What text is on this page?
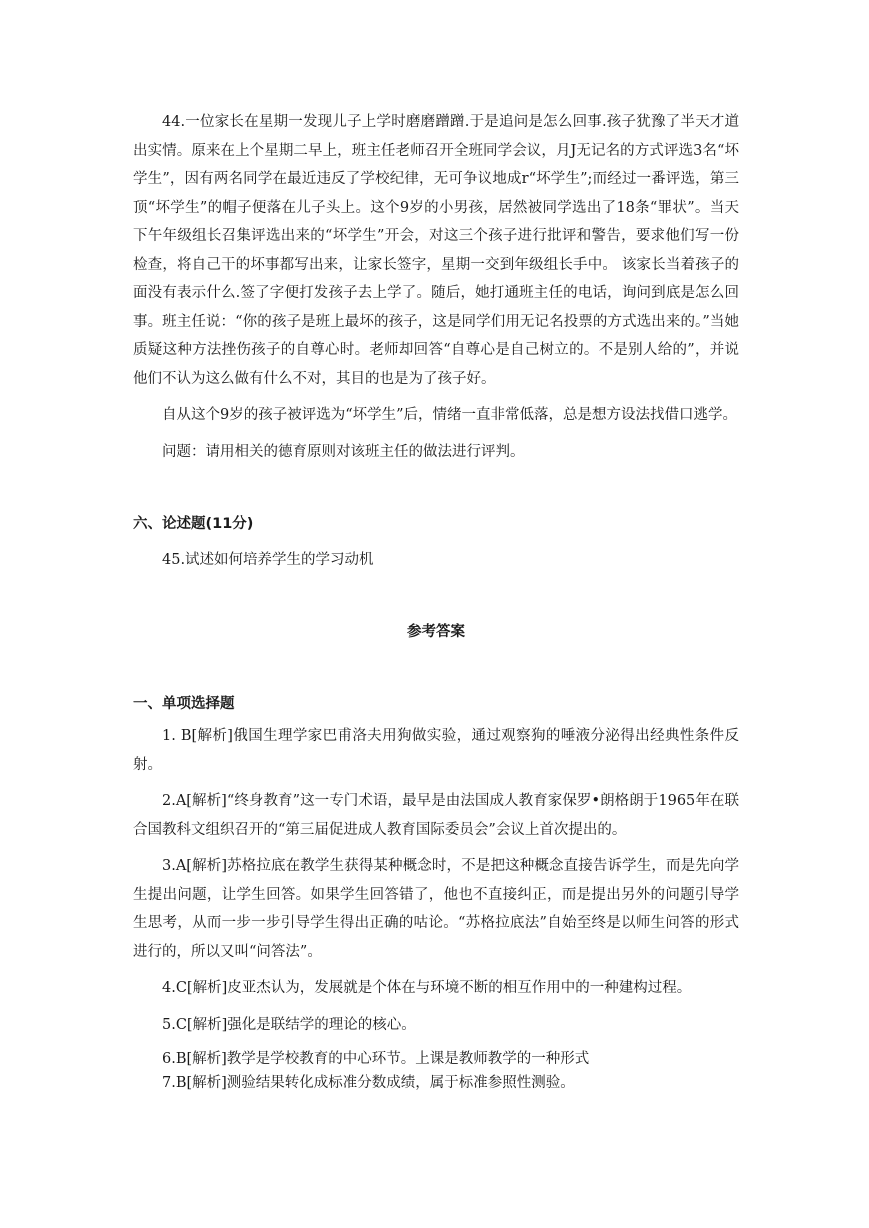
44.一位家长在星期一发现儿子上学时磨磨蹭蹭.于是追问是怎么回事.孩子犹豫了半天才道出实情。原来在上个星期二早上，班主任老师召开全班同学会议，月J无记名的方式评选3名“坏学生”，因有两名同学在最近违反了学校纪律，无可争议地成r“坏学生”;而经过一番评选，第三顶“坏学生”的帽子便落在儿子头上。这个9岁的小男孩，居然被同学选出了18条“罪状”。当天下午年级组长召集评选出来的“坏学生”开会，对这三个孩子进行批评和警告，要求他们写一份检查，将自己干的坏事都写出来，让家长签字，星期一交到年级组长手中。 该家长当着孩子的面没有表示什么.签了字便打发孩子去上学了。随后，她打通班主任的电话，询问到底是怎么回事。班主任说：“你的孩子是班上最坏的孩子，这是同学们用无记名投票的方式选出来的。”当她质疑这种方法挫伤孩子的自尊心时。老师却回答“自尊心是自己树立的。不是别人给的”，并说他们不认为这么做有什么不对，其目的也是为了孩子好。

自从这个9岁的孩子被评选为“坏学生”后，情绪一直非常低落，总是想方设法找借口逃学。

问题：请用相关的德育原则对该班主任的做法进行评判。

六、论述题(11分)

45.试述如何培养学生的学习动机

参考答案

一、单项选择题

1. B[解析]俄国生理学家巴甫洛夫用狗做实验，通过观察狗的唾液分泌得出经典性条件反射。

2.A[解析]“终身教育”这一专门术语，最早是由法国成人教育家保罗•朗格朗于1965年在联合国教科文组织召开的“第三届促进成人教育国际委员会”会议上首次提出的。

3.A[解析]苏格拉底在教学生获得某种概念时，不是把这种概念直接告诉学生，而是先向学生提出问题，让学生回答。如果学生回答错了，他也不直接纠正，而是提出另外的问题引导学生思考，从而一步一步引导学生得出正确的咕论。“苏格拉底法”自始至终是以师生问答的形式进行的，所以又叫“问答法”。

4.C[解析]皮亚杰认为，发展就是个体在与环境不断的相互作用中的一种建构过程。

5.C[解析]强化是联结学的理论的核心。

6.B[解析]教学是学校教育的中心环节。上课是教师教学的一种形式

7.B[解析]测验结果转化成标准分数成绩，属于标准参照性测验。
